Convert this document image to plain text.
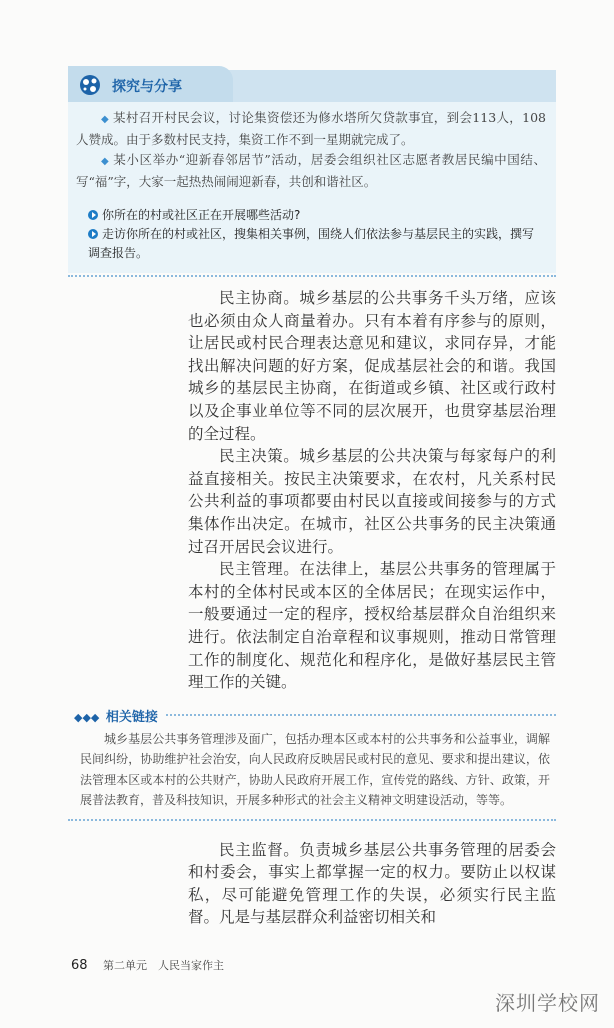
探究与分享

◆ 某村召开村民会议，讨论集资偿还为修水塔所欠贷款事宜，到会113人，108人赞成。由于多数村民支持，集资工作不到一星期就完成了。

◆ 某小区举办“迎新春邻居节”活动，居委会组织社区志愿者教居民编中国结、写“福”字，大家一起热热闹闹迎新春，共创和谐社区。

你所在的村或社区正在开展哪些活动?
走访你所在的村或社区，搜集相关事例，围绕人们依法参与基层民主的实践，撰写调查报告。

民主协商。城乡基层的公共事务千头万绪，应该也必须由众人商量着办。只有本着有序参与的原则，让居民或村民合理表达意见和建议，求同存异，才能找出解决问题的好方案，促成基层社会的和谐。我国城乡的基层民主协商，在街道或乡镇、社区或行政村以及企事业单位等不同的层次展开，也贯穿基层治理的全过程。

民主决策。城乡基层的公共决策与每家每户的利益直接相关。按民主决策要求，在农村，凡关系村民公共利益的事项都要由村民以直接或间接参与的方式集体作出决定。在城市，社区公共事务的民主决策通过召开居民会议进行。

民主管理。在法律上，基层公共事务的管理属于本村的全体村民或本区的全体居民；在现实运作中，一般要通过一定的程序，授权给基层群众自治组织来进行。依法制定自治章程和议事规则，推动日常管理工作的制度化、规范化和程序化，是做好基层民主管理工作的关键。

◆◆◆ 相关链接

城乡基层公共事务管理涉及面广，包括办理本区或本村的公共事务和公益事业，调解民间纠纷，协助维护社会治安，向人民政府反映居民或村民的意见、要求和提出建议，依法管理本区或本村的公共财产，协助人民政府开展工作，宣传党的路线、方针、政策，开展普法教育，普及科技知识，开展多种形式的社会主义精神文明建设活动，等等。

民主监督。负责城乡基层公共事务管理的居委会和村委会，事实上都掌握一定的权力。要防止以权谋私，尽可能避免管理工作的失误，必须实行民主监督。凡是与基层群众利益密切相关和

68	第二单元　人民当家作主
深圳学校网
